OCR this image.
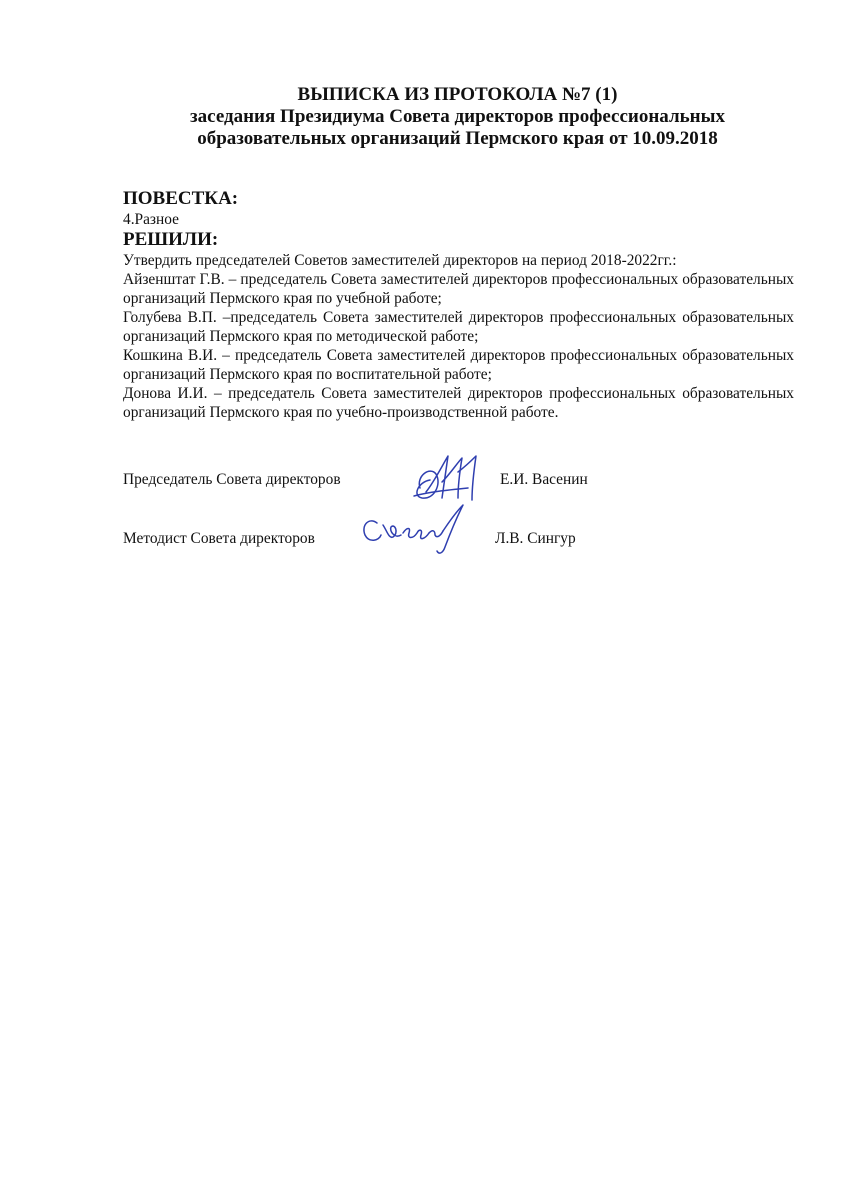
ВЫПИСКА ИЗ ПРОТОКОЛА №7 (1)
заседания Президиума Совета директоров профессиональных
образовательных организаций Пермского края от 10.09.2018
ПОВЕСТКА:
4.Разное
РЕШИЛИ:
Утвердить председателей Советов заместителей директоров на период 2018-2022гг.:
Айзенштат Г.В. – председатель Совета заместителей директоров профессиональных образовательных организаций Пермского края по учебной работе;
Голубева В.П. –председатель Совета заместителей директоров профессиональных образовательных организаций Пермского края по методической работе;
Кошкина В.И. – председатель Совета заместителей директоров профессиональных образовательных организаций Пермского края по воспитательной работе;
Донова И.И. – председатель Совета заместителей директоров профессиональных образовательных организаций Пермского края по учебно-производственной работе.
Председатель Совета директоров	Е.И. Васенин
Методист Совета директоров	Л.В. Сингур
